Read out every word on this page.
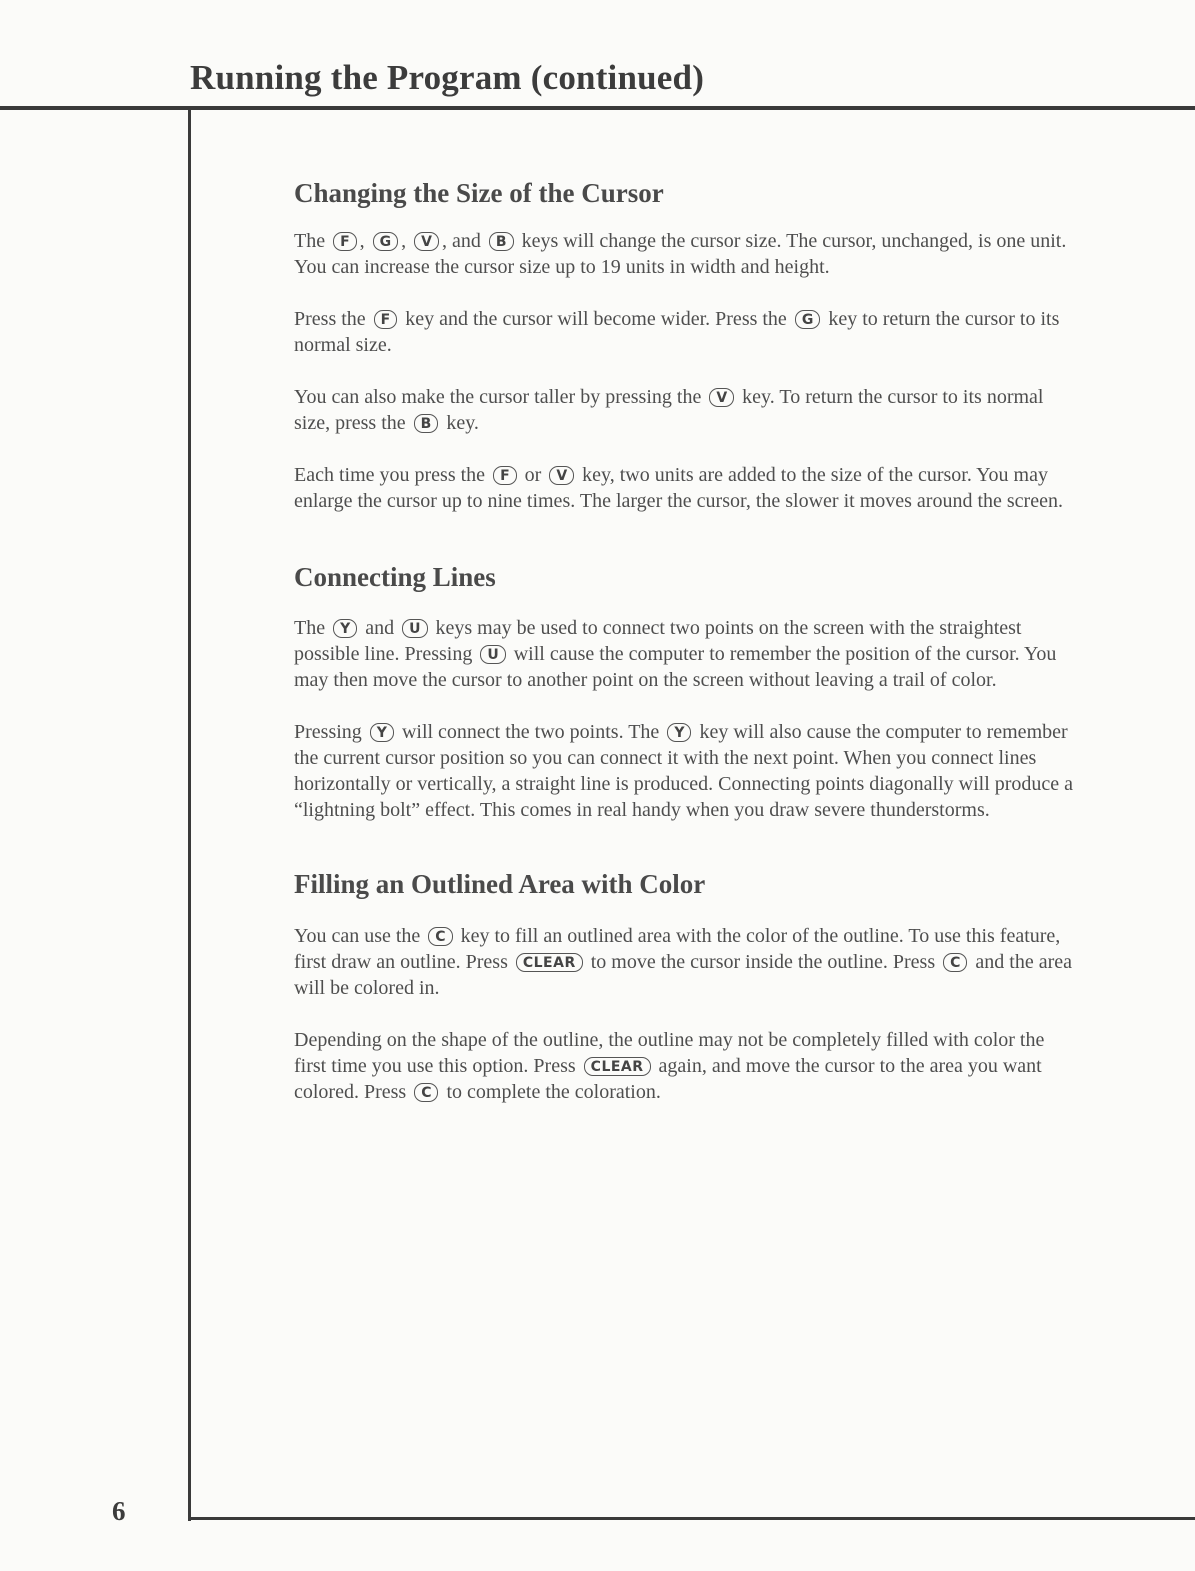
Running the Program (continued)
6
Changing the Size of the Cursor

The F , G , V , and B keys will change the cursor size. The cursor, unchanged, is one unit. You can increase the cursor size up to 19 units in width and height.

Press the F key and the cursor will become wider. Press the G key to return the cursor to its normal size.

You can also make the cursor taller by pressing the V key. To return the cursor to its normal size, press the B key.

Each time you press the F or V key, two units are added to the size of the cursor. You may enlarge the cursor up to nine times. The larger the cursor, the slower it moves around the screen.

Connecting Lines

The Y and U keys may be used to connect two points on the screen with the straightest possible line. Pressing U will cause the computer to remember the position of the cursor. You may then move the cursor to another point on the screen without leaving a trail of color.

Pressing Y will connect the two points. The Y key will also cause the computer to remember the current cursor position so you can connect it with the next point. When you connect lines horizontally or vertically, a straight line is produced. Connecting points diagonally will produce a “lightning bolt” effect. This comes in real handy when you draw severe thunderstorms.

Filling an Outlined Area with Color

You can use the C key to fill an outlined area with the color of the outline. To use this feature, first draw an outline. Press CLEAR to move the cursor inside the outline. Press C and the area will be colored in.

Depending on the shape of the outline, the outline may not be completely filled with color the first time you use this option. Press CLEAR again, and move the cursor to the area you want colored. Press C to complete the coloration.
